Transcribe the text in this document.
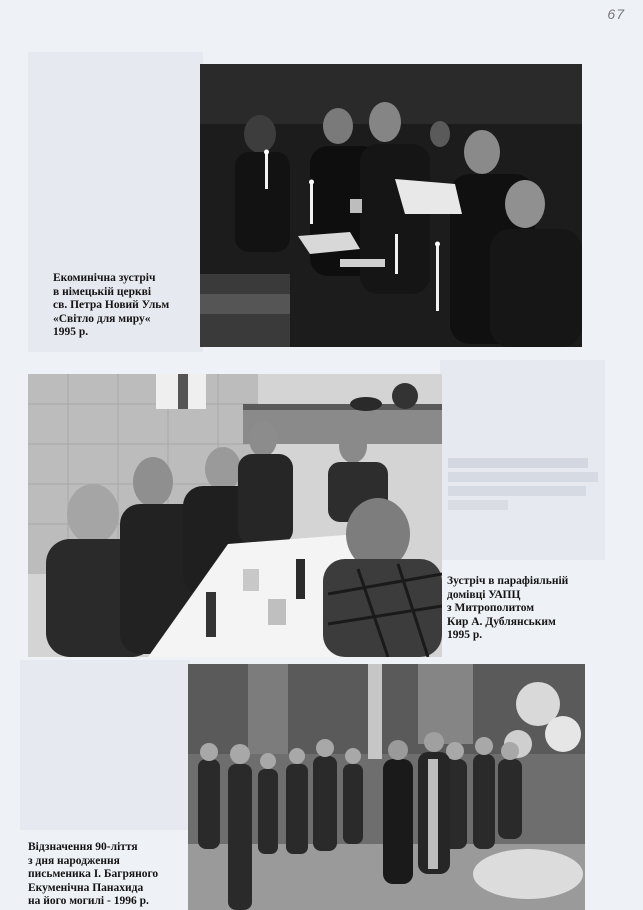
67
Екоминічна зустріч
в німецькій церкві
св. Петра Новий Ульм
«Світло для миру«
1995 р.
Зустріч в парафіяльній
домівці УАПЦ
з Митрополитом
Кир А. Дублянським
1995 р.
Відзначення 90-ліття
з дня народження
письменика І. Багряного
Екуменічна Панахида
на його могилі - 1996 р.
